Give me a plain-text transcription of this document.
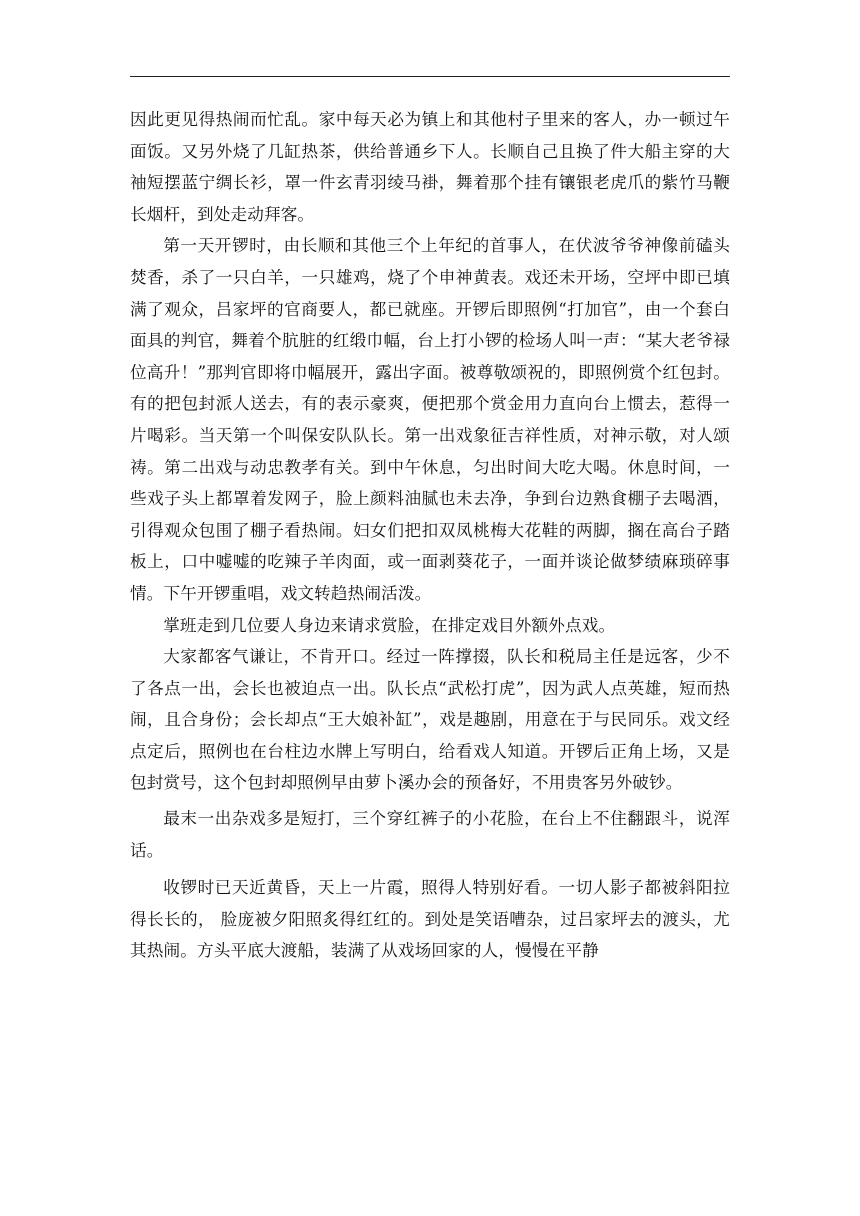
因此更见得热闹而忙乱。家中每天必为镇上和其他村子里来的客人，办一顿过午面饭。又另外烧了几缸热茶，供给普通乡下人。长顺自己且换了件大船主穿的大袖短摆蓝宁绸长衫，罩一件玄青羽绫马褂，舞着那个挂有镶银老虎爪的紫竹马鞭长烟杆，到处走动拜客。

第一天开锣时，由长顺和其他三个上年纪的首事人，在伏波爷爷神像前磕头焚香，杀了一只白羊，一只雄鸡，烧了个申神黄表。戏还未开场，空坪中即已填满了观众，吕家坪的官商要人，都已就座。开锣后即照例“打加官”，由一个套白面具的判官，舞着个肮脏的红缎巾幅，台上打小锣的检场人叫一声：“某大老爷禄位高升！”那判官即将巾幅展开，露出字面。被尊敬颂祝的，即照例赏个红包封。有的把包封派人送去，有的表示豪爽，便把那个赏金用力直向台上惯去，惹得一片喝彩。当天第一个叫保安队队长。第一出戏象征吉祥性质，对神示敬，对人颂祷。第二出戏与动忠教孝有关。到中午休息，匀出时间大吃大喝。休息时间，一些戏子头上都罩着发网子，脸上颜料油腻也未去净，争到台边熟食棚子去喝酒，引得观众包围了棚子看热闹。妇女们把扣双凤桃梅大花鞋的两脚，搁在高台子踏板上，口中嘘嘘的吃辣子羊肉面，或一面剥葵花子，一面并谈论做梦绩麻琐碎事情。下午开锣重唱，戏文转趋热闹活泼。

掌班走到几位要人身边来请求赏脸，在排定戏目外额外点戏。

大家都客气谦让，不肯开口。经过一阵撑掇，队长和税局主任是远客，少不了各点一出，会长也被迫点一出。队长点“武松打虎”，因为武人点英雄，短而热闹，且合身份；会长却点“王大娘补缸”，戏是趣剧，用意在于与民同乐。戏文经点定后，照例也在台柱边水牌上写明白，给看戏人知道。开锣后正角上场，又是包封赏号，这个包封却照例早由萝卜溪办会的预备好，不用贵客另外破钞。

最末一出杂戏多是短打，三个穿红裤子的小花脸，在台上不住翻跟斗，说浑话。

收锣时已天近黄昏，天上一片霞，照得人特别好看。一切人影子都被斜阳拉得长长的， 脸庞被夕阳照炙得红红的。到处是笑语嘈杂，过吕家坪去的渡头，尤其热闹。方头平底大渡船，装满了从戏场回家的人，慢慢在平静
